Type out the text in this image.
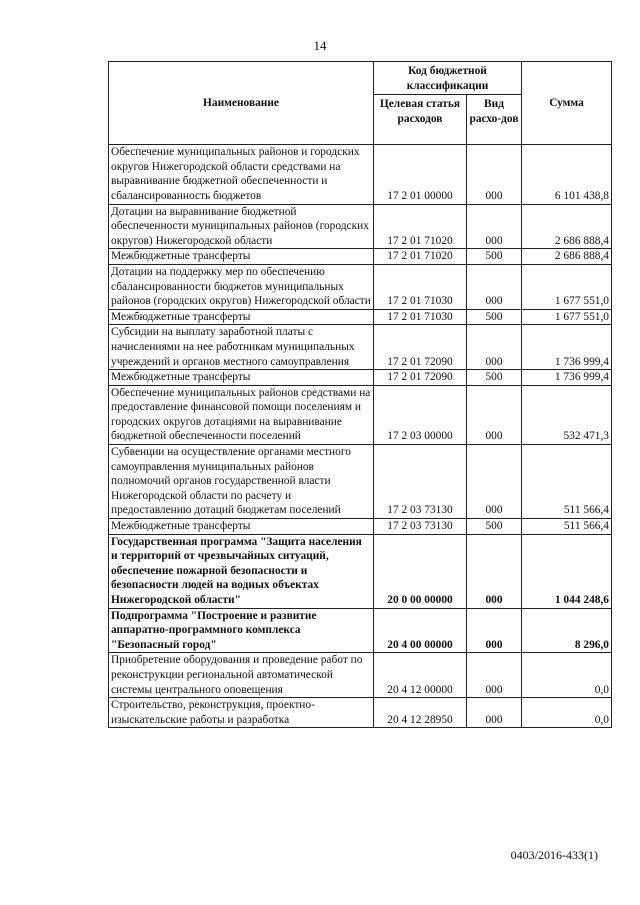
14
Наименование	Код бюджетной классификации		Сумма
	Целевая статья расходов	Вид расхо-дов	
Обеспечение муниципальных районов и городских округов Нижегородской области средствами на выравнивание бюджетной обеспеченности и сбалансированность бюджетов	17 2 01 00000	000	6 101 438,8
Дотации на выравнивание бюджетной обеспеченности муниципальных районов (городских округов) Нижегородской области	17 2 01 71020	000	2 686 888,4
Межбюджетные трансферты	17 2 01 71020	500	2 686 888,4
Дотации на поддержку мер по обеспечению сбалансированности бюджетов муниципальных районов (городских округов) Нижегородской области	17 2 01 71030	000	1 677 551,0
Межбюджетные трансферты	17 2 01 71030	500	1 677 551,0
Субсидии на выплату заработной платы с начислениями на нее работникам муниципальных учреждений и органов местного самоуправления	17 2 01 72090	000	1 736 999,4
Межбюджетные трансферты	17 2 01 72090	500	1 736 999,4
Обеспечение муниципальных районов средствами на предоставление финансовой помощи поселениям и городских округов дотациями на выравнивание бюджетной обеспеченности поселений	17 2 03 00000	000	532 471,3
Субвенции на осуществление органами местного самоуправления муниципальных районов полномочий органов государственной власти Нижегородской области по расчету и предоставлению дотаций бюджетам поселений	17 2 03 73130	000	511 566,4
Межбюджетные трансферты	17 2 03 73130	500	511 566,4
Государственная программа "Защита населения и территорий от чрезвычайных ситуаций, обеспечение пожарной безопасности и безопасности людей на водных объектах Нижегородской области"	20 0 00 00000	000	1 044 248,6
Подпрограмма "Построение и развитие аппаратно-программного комплекса "Безопасный город"	20 4 00 00000	000	8 296,0
Приобретение оборудования и проведение работ по реконструкции региональной автоматической системы центрального оповещения	20 4 12 00000	000	0,0
Строительство, реконструкция, проектно-изыскательские работы и разработка	20 4 12 28950	000	0,0
0403/2016-433(1)
